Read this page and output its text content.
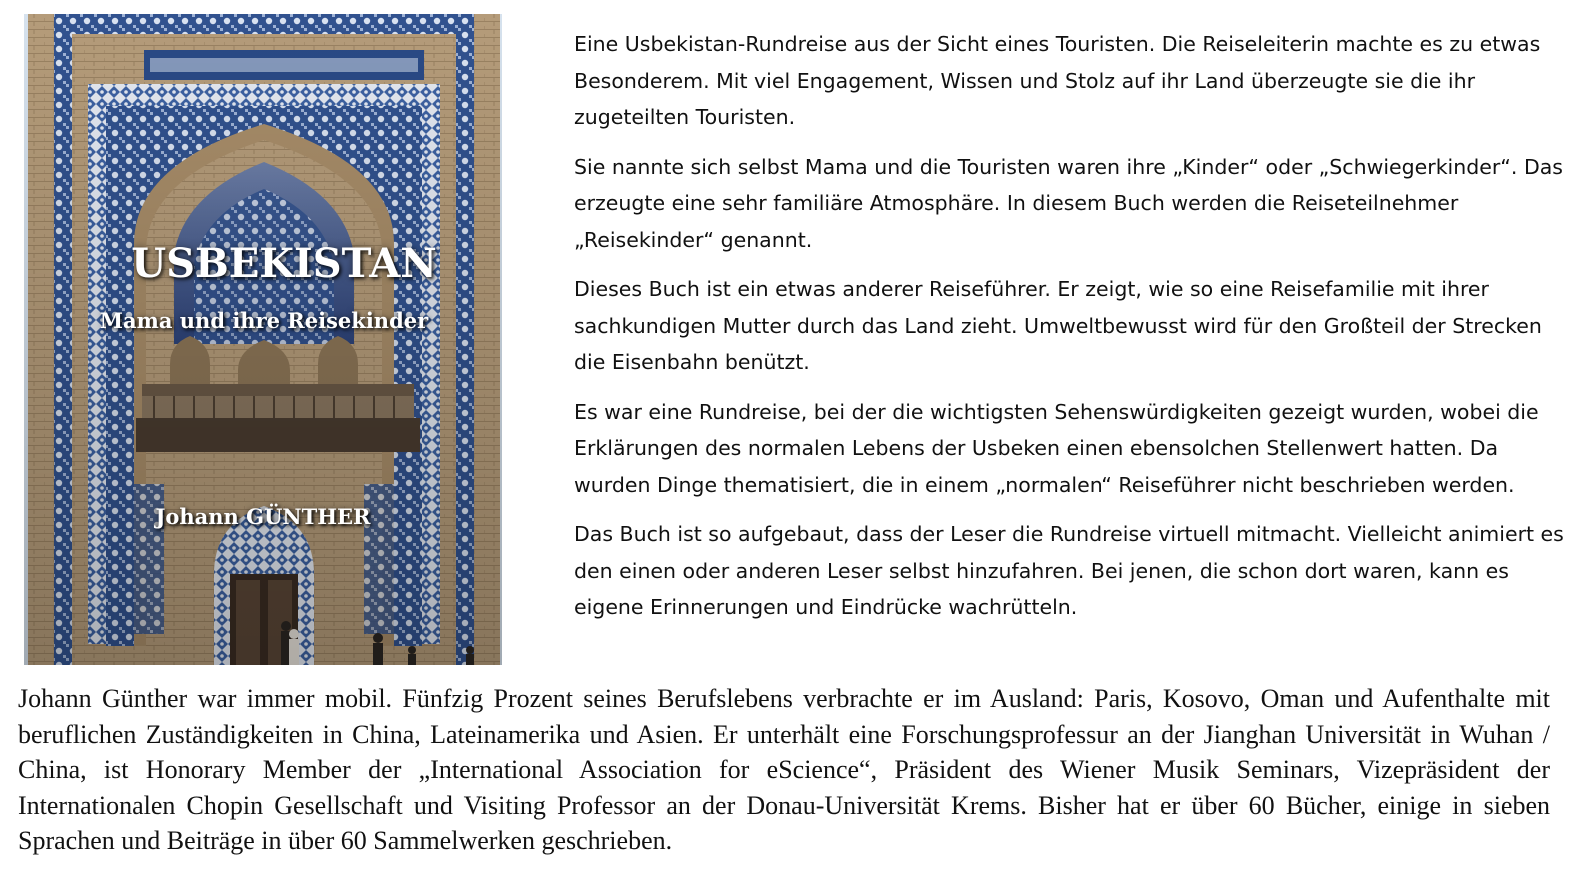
USBEKISTAN
Mama und ihre Reisekinder
Johann GÜNTHER

Eine Usbekistan-Rundreise aus der Sicht eines Touristen. Die Reiseleiterin machte es zu etwas Besonderem. Mit viel Engagement, Wissen und Stolz auf ihr Land überzeugte sie die ihr zugeteilten Touristen.

Sie nannte sich selbst Mama und die Touristen waren ihre „Kinder“ oder „Schwiegerkinder“. Das erzeugte eine sehr familiäre Atmosphäre. In diesem Buch werden die Reiseteilnehmer „Reisekinder“ genannt.

Dieses Buch ist ein etwas anderer Reiseführer. Er zeigt, wie so eine Reisefamilie mit ihrer sachkundigen Mutter durch das Land zieht. Umweltbewusst wird für den Großteil der Strecken die Eisenbahn benützt.

Es war eine Rundreise, bei der die wichtigsten Sehenswürdigkeiten gezeigt wurden, wobei die Erklärungen des normalen Lebens der Usbeken einen ebensolchen Stellenwert hatten. Da wurden Dinge thematisiert, die in einem „normalen“ Reiseführer nicht beschrieben werden.

Das Buch ist so aufgebaut, dass der Leser die Rundreise virtuell mitmacht. Vielleicht animiert es den einen oder anderen Leser selbst hinzufahren. Bei jenen, die schon dort waren, kann es eigene Erinnerungen und Eindrücke wachrütteln.

Johann Günther war immer mobil. Fünfzig Prozent seines Berufslebens verbrachte er im Ausland: Paris, Kosovo, Oman und Aufenthalte mit beruflichen Zuständigkeiten in China, Lateinamerika und Asien. Er unterhält eine Forschungsprofessur an der Jianghan Universität in Wuhan / China, ist Honorary Member der „International Association for eScience“, Präsident des Wiener Musik Seminars, Vizepräsident der Internationalen Chopin Gesellschaft und Visiting Professor an der Donau-Universität Krems. Bisher hat er über 60 Bücher, einige in sieben Sprachen und Beiträge in über 60 Sammelwerken geschrieben.
